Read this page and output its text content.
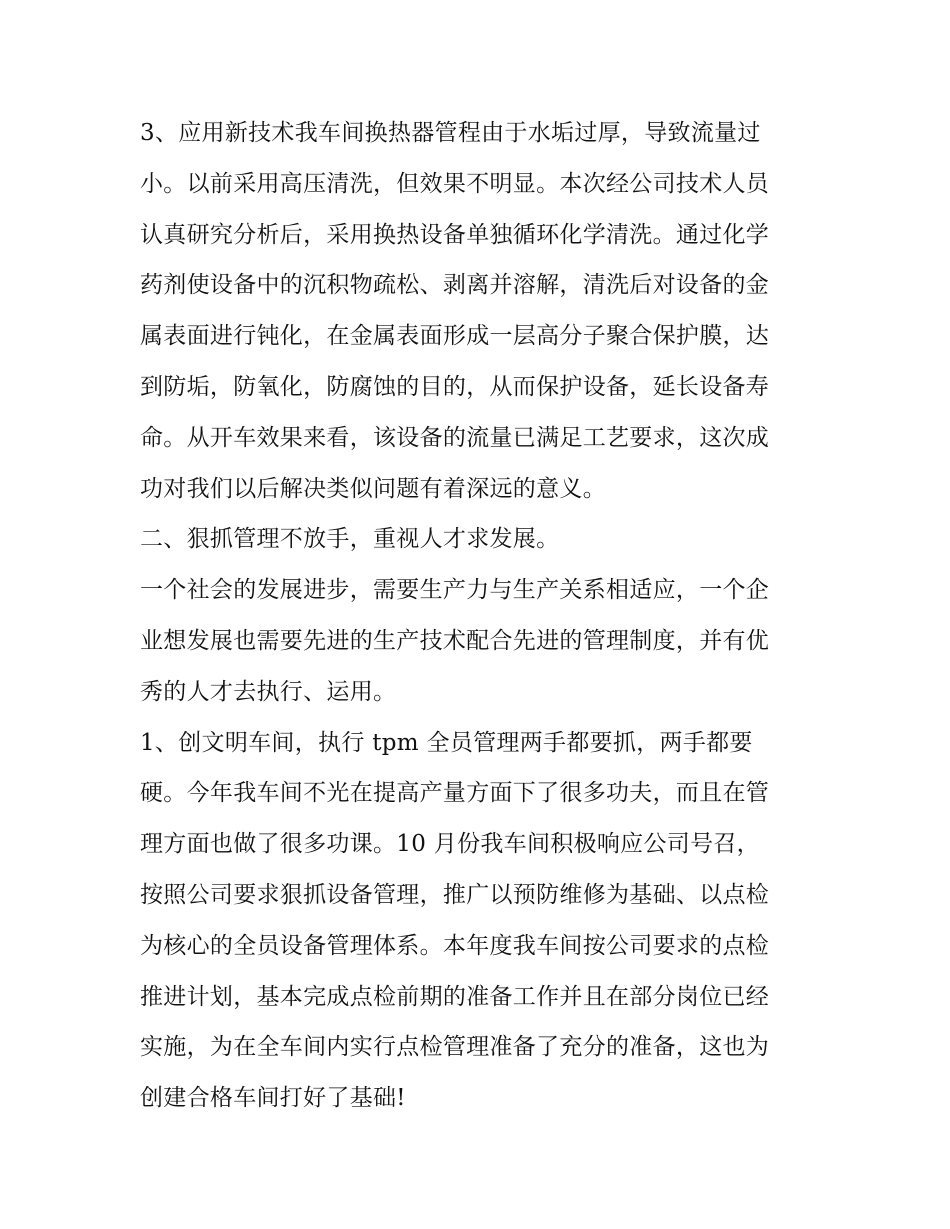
3、应用新技术我车间换热器管程由于水垢过厚，导致流量过
小。以前采用高压清洗，但效果不明显。本次经公司技术人员
认真研究分析后，采用换热设备单独循环化学清洗。通过化学
药剂使设备中的沉积物疏松、剥离并溶解，清洗后对设备的金
属表面进行钝化，在金属表面形成一层高分子聚合保护膜，达
到防垢，防氧化，防腐蚀的目的，从而保护设备，延长设备寿
命。从开车效果来看，该设备的流量已满足工艺要求，这次成
功对我们以后解决类似问题有着深远的意义。
二、狠抓管理不放手，重视人才求发展。
一个社会的发展进步，需要生产力与生产关系相适应，一个企
业想发展也需要先进的生产技术配合先进的管理制度，并有优
秀的人才去执行、运用。
1、创文明车间，执行 tpm 全员管理两手都要抓，两手都要
硬。今年我车间不光在提高产量方面下了很多功夫，而且在管
理方面也做了很多功课。10 月份我车间积极响应公司号召，
按照公司要求狠抓设备管理，推广以预防维修为基础、以点检
为核心的全员设备管理体系。本年度我车间按公司要求的点检
推进计划，基本完成点检前期的准备工作并且在部分岗位已经
实施，为在全车间内实行点检管理准备了充分的准备，这也为
创建合格车间打好了基础!
